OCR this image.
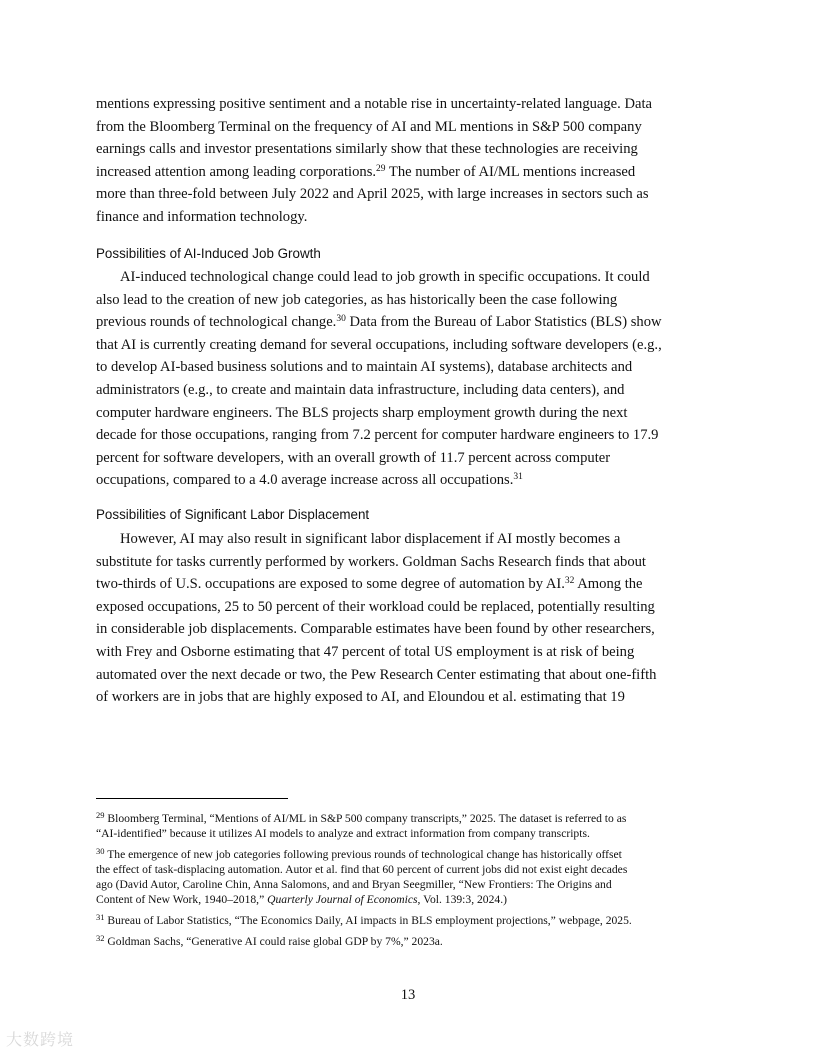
mentions expressing positive sentiment and a notable rise in uncertainty-related language. Data
from the Bloomberg Terminal on the frequency of AI and ML mentions in S&P 500 company
earnings calls and investor presentations similarly show that these technologies are receiving
increased attention among leading corporations.$^{29}$ The number of AI/ML mentions increased
more than three-fold between July 2022 and April 2025, with large increases in sectors such as
finance and information technology.
Possibilities of AI-Induced Job Growth
AI-induced technological change could lead to job growth in specific occupations. It could
also lead to the creation of new job categories, as has historically been the case following
previous rounds of technological change.$^{30}$ Data from the Bureau of Labor Statistics (BLS) show
that AI is currently creating demand for several occupations, including software developers (e.g.,
to develop AI-based business solutions and to maintain AI systems), database architects and
administrators (e.g., to create and maintain data infrastructure, including data centers), and
computer hardware engineers. The BLS projects sharp employment growth during the next
decade for those occupations, ranging from 7.2 percent for computer hardware engineers to 17.9
percent for software developers, with an overall growth of 11.7 percent across computer
occupations, compared to a 4.0 average increase across all occupations.$^{31}$
Possibilities of Significant Labor Displacement
However, AI may also result in significant labor displacement if AI mostly becomes a
substitute for tasks currently performed by workers. Goldman Sachs Research finds that about
two-thirds of U.S. occupations are exposed to some degree of automation by AI.$^{32}$ Among the
exposed occupations, 25 to 50 percent of their workload could be replaced, potentially resulting
in considerable job displacements. Comparable estimates have been found by other researchers,
with Frey and Osborne estimating that 47 percent of total US employment is at risk of being
automated over the next decade or two, the Pew Research Center estimating that about one-fifth
of workers are in jobs that are highly exposed to AI, and Eloundou et al. estimating that 19
$^{29}$ Bloomberg Terminal, “Mentions of AI/ML in S&P 500 company transcripts,” 2025. The dataset is referred to as
“AI-identified” because it utilizes AI models to analyze and extract information from company transcripts.
$^{30}$ The emergence of new job categories following previous rounds of technological change has historically offset
the effect of task-displacing automation. Autor et al. find that 60 percent of current jobs did not exist eight decades
ago (David Autor, Caroline Chin, Anna Salomons, and and Bryan Seegmiller, “New Frontiers: The Origins and
Content of New Work, 1940–2018,” Quarterly Journal of Economics, Vol. 139:3, 2024.)
$^{31}$ Bureau of Labor Statistics, “The Economics Daily, AI impacts in BLS employment projections,” webpage, 2025.
$^{32}$ Goldman Sachs, “Generative AI could raise global GDP by 7%,” 2023a.
13
大数跨境
